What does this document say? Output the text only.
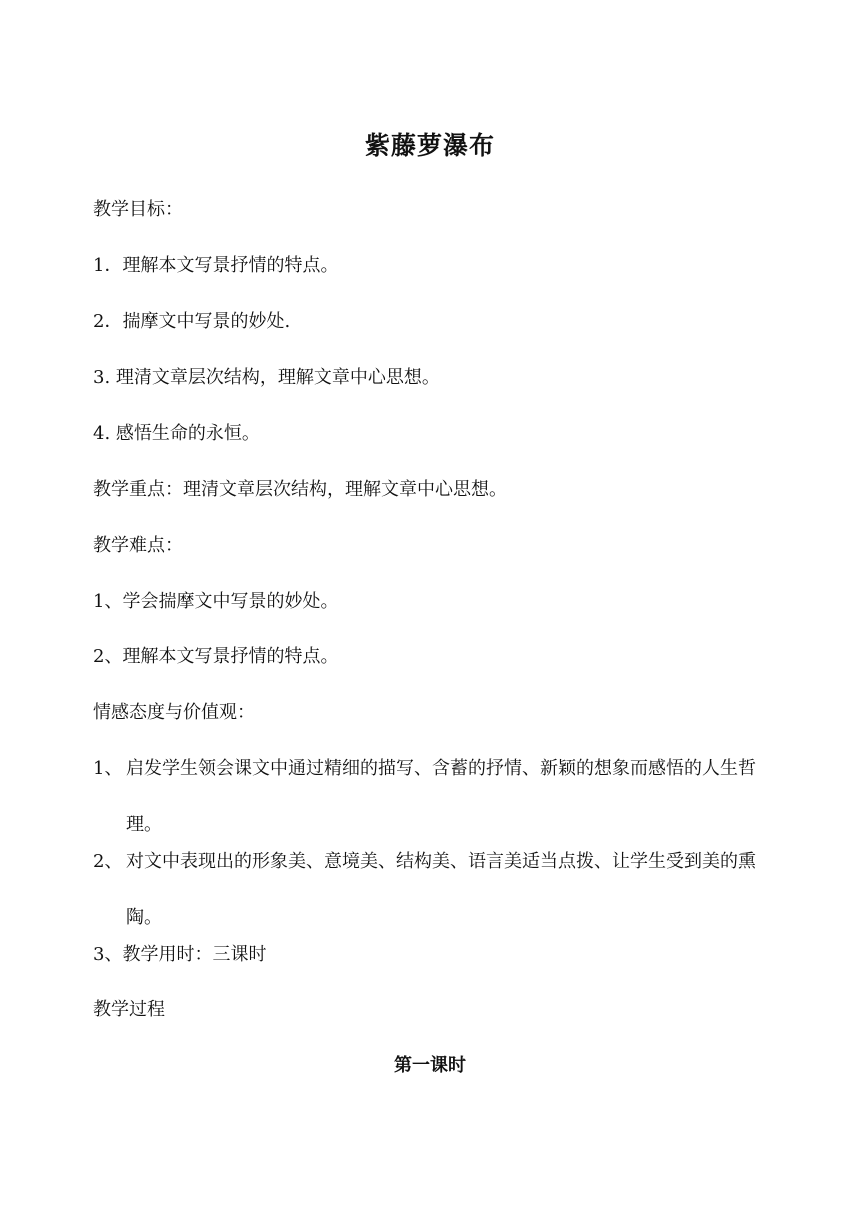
紫藤萝瀑布
教学目标：
1．理解本文写景抒情的特点。
2．揣摩文中写景的妙处.
3. 理清文章层次结构，理解文章中心思想。
4. 感悟生命的永恒。
教学重点：理清文章层次结构，理解文章中心思想。
教学难点：
1、学会揣摩文中写景的妙处。
2、理解本文写景抒情的特点。
情感态度与价值观：
1、 启发学生领会课文中通过精细的描写、含蓄的抒情、新颖的想象而感悟的人生哲理。
2、 对文中表现出的形象美、意境美、结构美、语言美适当点拨、让学生受到美的熏陶。
3、教学用时：三课时
教学过程
第一课时
